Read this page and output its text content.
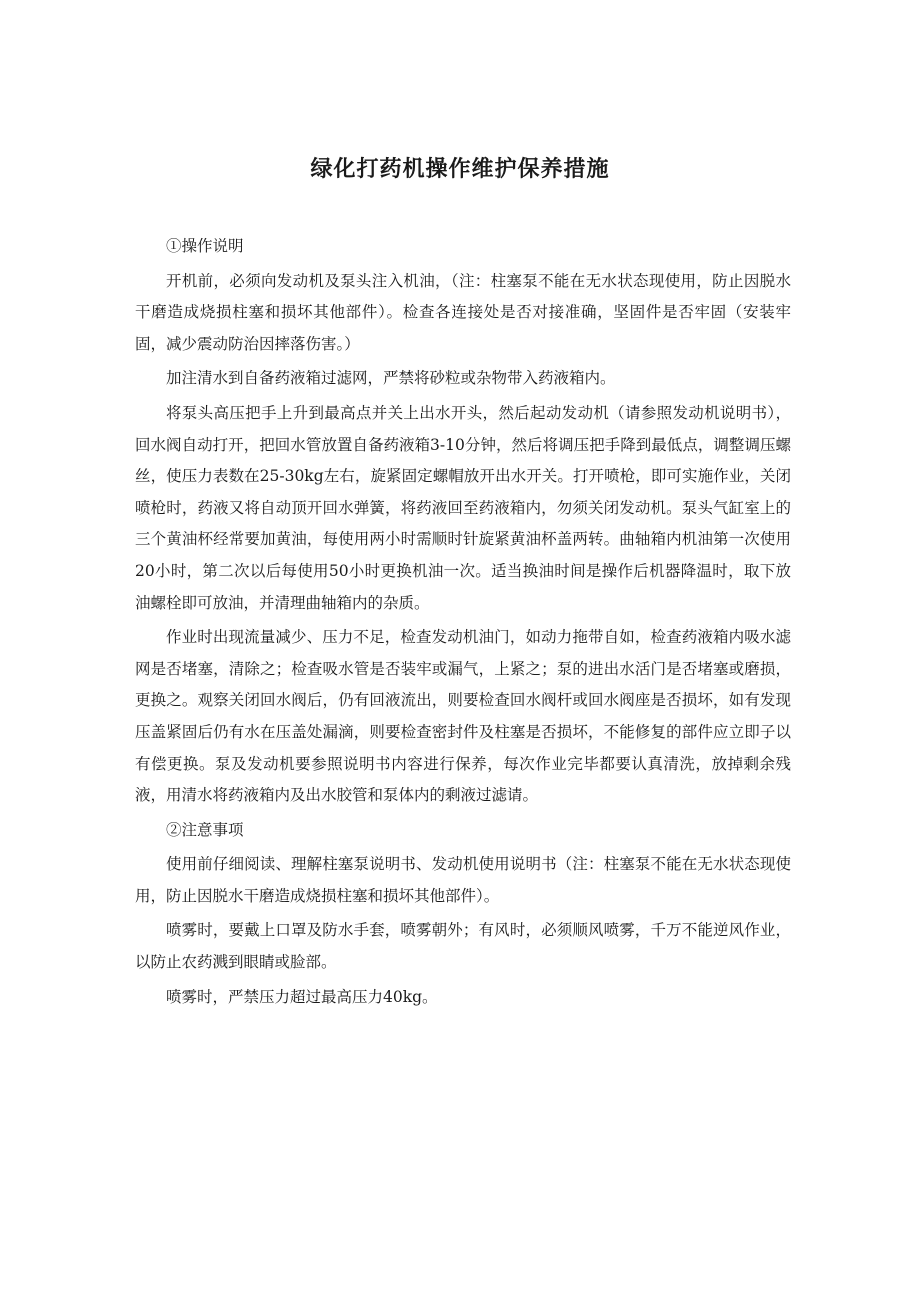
绿化打药机操作维护保养措施

①操作说明

开机前，必须向发动机及泵头注入机油，（注：柱塞泵不能在无水状态现使用，防止因脱水干磨造成烧损柱塞和损坏其他部件）。检查各连接处是否对接准确，坚固件是否牢固（安装牢固，减少震动防治因摔落伤害。）

加注清水到自备药液箱过滤网，严禁将砂粒或杂物带入药液箱内。

将泵头高压把手上升到最高点并关上出水开头，然后起动发动机（请参照发动机说明书），回水阀自动打开，把回水管放置自备药液箱3-10分钟，然后将调压把手降到最低点，调整调压螺丝，使压力表数在25-30kg左右，旋紧固定螺帽放开出水开关。打开喷枪，即可实施作业，关闭喷枪时，药液又将自动顶开回水弹簧，将药液回至药液箱内，勿须关闭发动机。泵头气缸室上的三个黄油杯经常要加黄油，每使用两小时需顺时针旋紧黄油杯盖两转。曲轴箱内机油第一次使用20小时，第二次以后每使用50小时更换机油一次。适当换油时间是操作后机器降温时，取下放油螺栓即可放油，并清理曲轴箱内的杂质。

作业时出现流量减少、压力不足，检查发动机油门，如动力拖带自如，检查药液箱内吸水滤网是否堵塞，清除之；检查吸水管是否装牢或漏气，上紧之；泵的进出水活门是否堵塞或磨损，更换之。观察关闭回水阀后，仍有回液流出，则要检查回水阀杆或回水阀座是否损坏，如有发现压盖紧固后仍有水在压盖处漏滴，则要检查密封件及柱塞是否损坏，不能修复的部件应立即子以有偿更换。泵及发动机要参照说明书内容进行保养，每次作业完毕都要认真清洗，放掉剩余残液，用清水将药液箱内及出水胶管和泵体内的剩液过滤请。

②注意事项

使用前仔细阅读、理解柱塞泵说明书、发动机使用说明书（注：柱塞泵不能在无水状态现使用，防止因脱水干磨造成烧损柱塞和损坏其他部件）。

喷雾时，要戴上口罩及防水手套，喷雾朝外；有风时，必须顺风喷雾，千万不能逆风作业，以防止农药溅到眼睛或脸部。

喷雾时，严禁压力超过最高压力40kg。
